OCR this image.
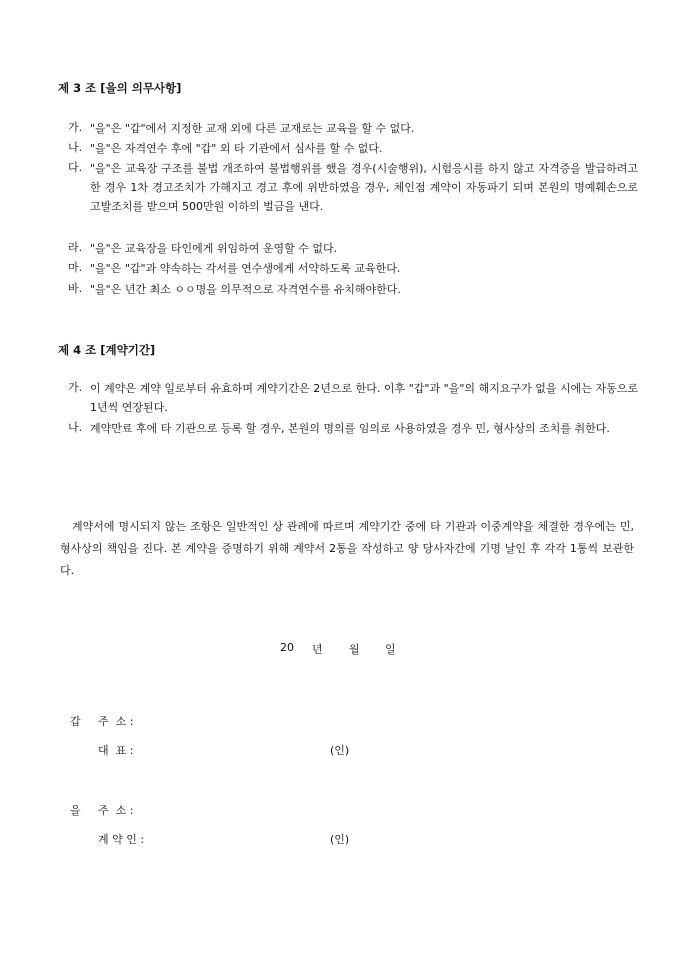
제 3 조 [을의 의무사항]
가. "을"은 "갑"에서 지정한 교재 외에 다른 교재로는 교육을 할 수 없다.
나. "을"은 자격연수 후에 "갑" 외 타 기관에서 심사를 할 수 없다.
다. "을"은 교육장 구조를 불법 개조하여 불법행위를 했을 경우(시술행위), 시험응시를 하지 않고 자격증을 발급하려고 한 경우 1차 경고조치가 가해지고 경고 후에 위반하였을 경우, 체인점 계약이 자동파기 되며 본원의 명예훼손으로 고발조치를 받으며 500만원 이하의 벌금을 낸다.
라. "을"은 교육장을 타인에게 위임하여 운영할 수 없다.
마. "을"은 "갑"과 약속하는 각서를 연수생에게 서약하도록 교육한다.
바. "을"은 년간 최소 ㅇㅇ명을 의무적으로 자격연수를 유치해야한다.
제 4 조 [계약기간]
가. 이 계약은 계약 일로부터 유효하며 계약기간은 2년으로 한다. 이후 "갑"과 "을"의 해지요구가 없을 시에는 자동으로 1년씩 연장된다.
나. 계약만료 후에 타 기관으로 등록 할 경우, 본원의 명의를 임의로 사용하였을 경우 민, 형사상의 조치를 취한다.
계약서에 명시되지 않는 조항은 일반적인 상 관례에 따르며 계약기간 중에 타 기관과 이중계약을 체결한 경우에는 민, 형사상의 책임을 진다. 본 계약을 증명하기 위해 계약서 2통을 작성하고 양 당사자간에 기명 날인 후 각각 1통씩 보관한다.
20 년 월 일
갑 주  소 :
대  표 :	(인)
을 주  소 :
계 약 인 :	(인)
